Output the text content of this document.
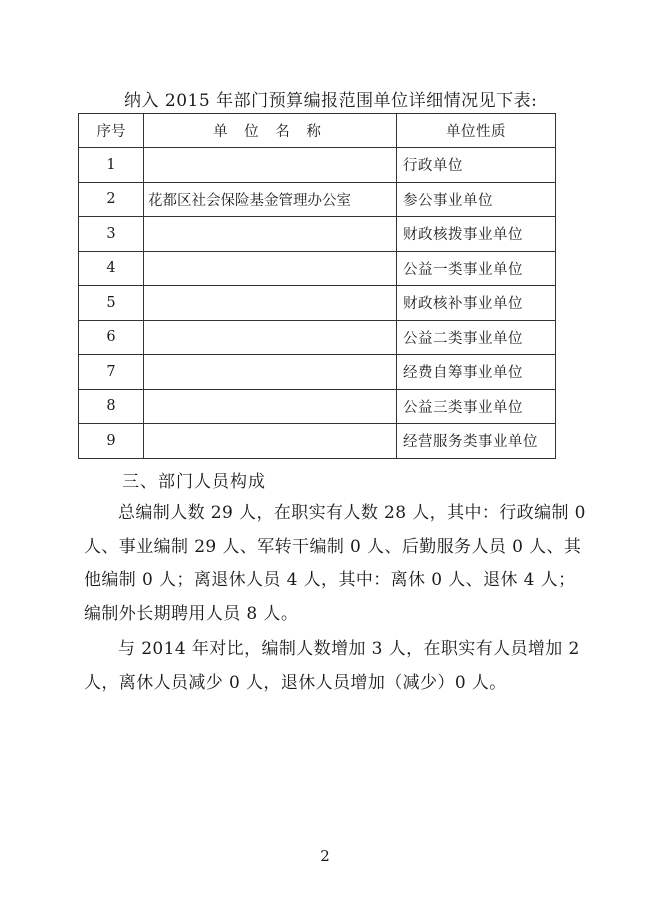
纳入 2015 年部门预算编报范围单位详细情况见下表:
序号	单 位 名 称	单位性质
1		行政单位
2	花都区社会保险基金管理办公室	参公事业单位
3		财政核拨事业单位
4		公益一类事业单位
5		财政核补事业单位
6		公益二类事业单位
7		经费自筹事业单位
8		公益三类事业单位
9		经营服务类事业单位
三、部门人员构成
总编制人数 29 人，在职实有人数 28 人，其中：行政编制 0
人、事业编制 29 人、军转干编制 0 人、后勤服务人员 0 人、其
他编制 0 人；离退休人员 4 人，其中：离休 0 人、退休 4 人；
编制外长期聘用人员 8 人。
与 2014 年对比，编制人数增加 3 人，在职实有人员增加 2
人，离休人员减少 0 人，退休人员增加（减少）0 人。
2
